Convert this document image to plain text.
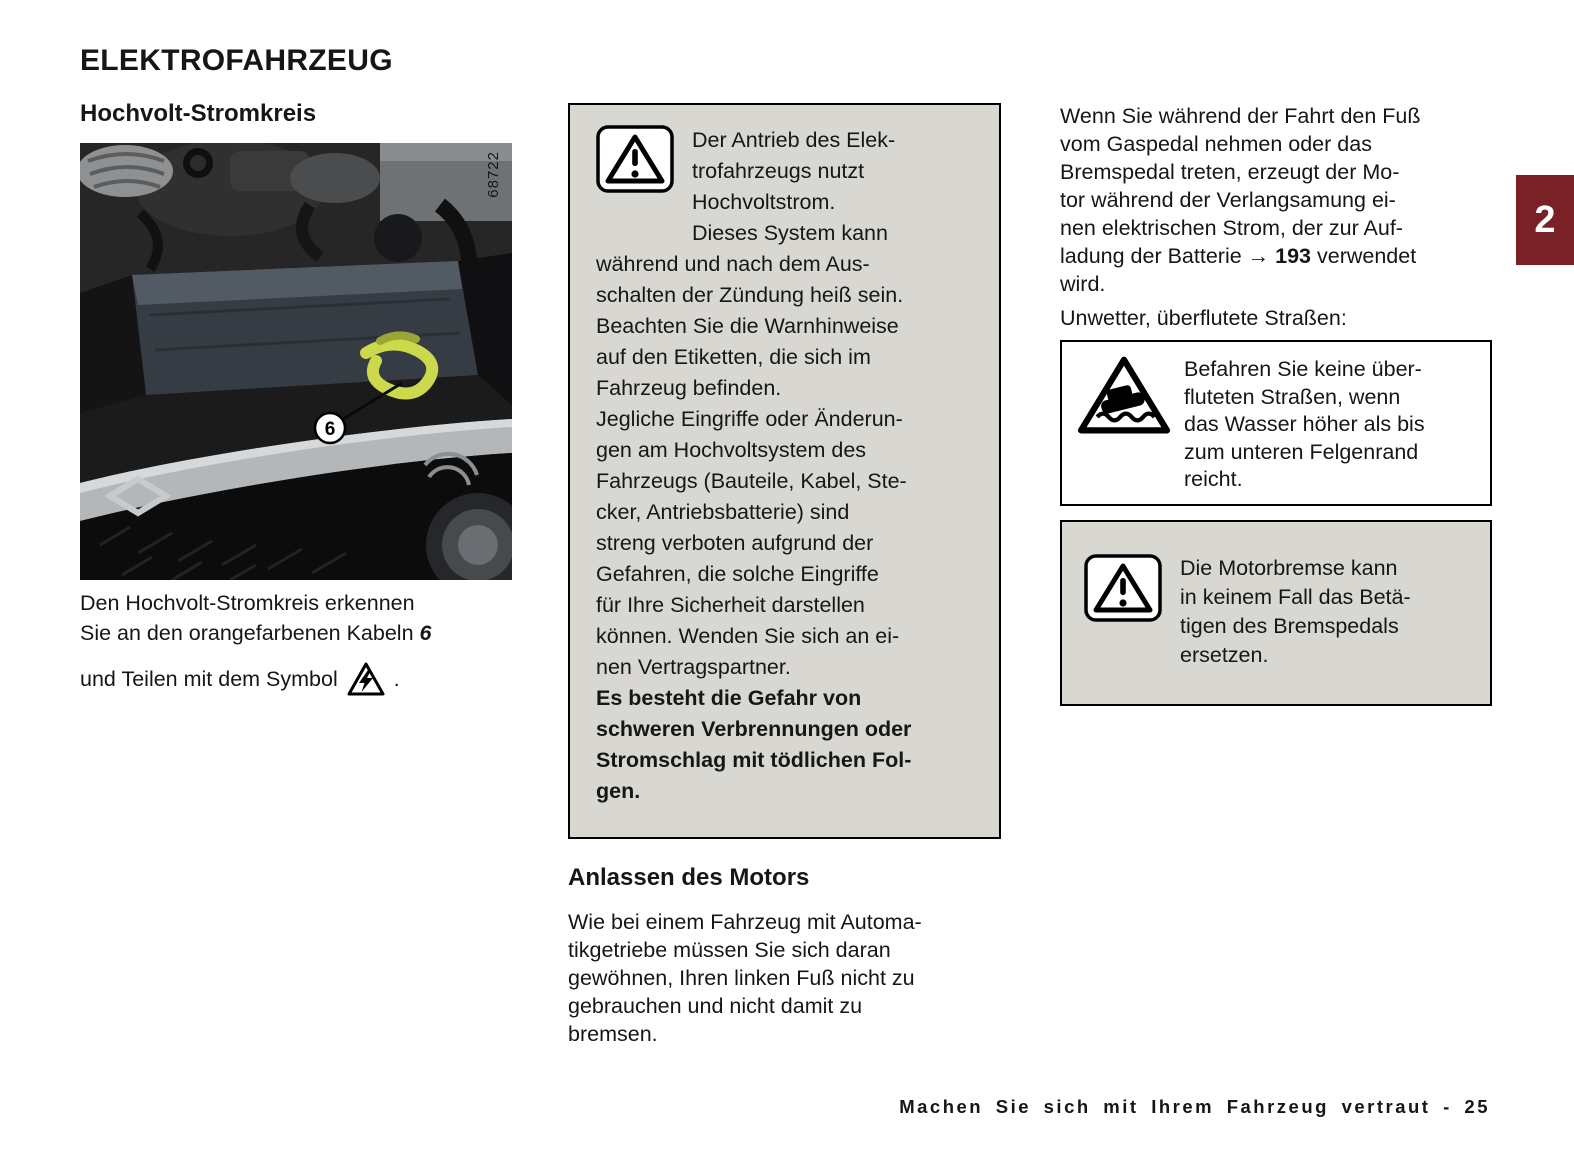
ELEKTROFAHRZEUG
Hochvolt-Stromkreis
6
68722
Den Hochvolt-Stromkreis erkennen
Sie an den orangefarbenen Kabeln 6
und Teilen mit dem Symbol	.
Der Antrieb des Elek-
trofahrzeugs nutzt
Hochvoltstrom.
Dieses System kann
während und nach dem Aus-
schalten der Zündung heiß sein.
Beachten Sie die Warnhinweise
auf den Etiketten, die sich im
Fahrzeug befinden.
Jegliche Eingriffe oder Änderun-
gen am Hochvoltsystem des
Fahrzeugs (Bauteile, Kabel, Ste-
cker, Antriebsbatterie) sind
streng verboten aufgrund der
Gefahren, die solche Eingriffe
für Ihre Sicherheit darstellen
können. Wenden Sie sich an ei-
nen Vertragspartner.
Es besteht die Gefahr von
schweren Verbrennungen oder
Stromschlag mit tödlichen Fol-
gen.
Anlassen des Motors
Wie bei einem Fahrzeug mit Automa-
tikgetriebe müssen Sie sich daran
gewöhnen, Ihren linken Fuß nicht zu
gebrauchen und nicht damit zu
bremsen.
Wenn Sie während der Fahrt den Fuß
vom Gaspedal nehmen oder das
Bremspedal treten, erzeugt der Mo-
tor während der Verlangsamung ei-
nen elektrischen Strom, der zur Auf-
ladung der Batterie → 193 verwendet
wird.
Unwetter, überflutete Straßen:
Befahren Sie keine über-
fluteten Straßen, wenn
das Wasser höher als bis
zum unteren Felgenrand
reicht.
Die Motorbremse kann
in keinem Fall das Betä-
tigen des Bremspedals
ersetzen.
2
Machen Sie sich mit Ihrem Fahrzeug vertraut - 25
